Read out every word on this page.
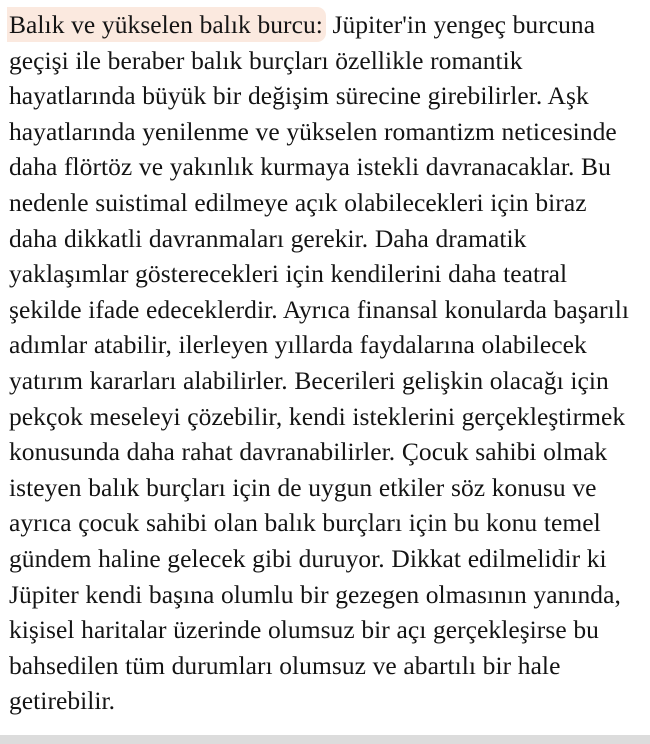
Balık ve yükselen balık burcu: Jüpiter'in yengeç burcuna geçişi ile beraber balık burçları özellikle romantik hayatlarında büyük bir değişim sürecine girebilirler. Aşk hayatlarında yenilenme ve yükselen romantizm neticesinde daha flörtöz ve yakınlık kurmaya istekli davranacaklar. Bu nedenle suistimal edilmeye açık olabilecekleri için biraz daha dikkatli davranmaları gerekir. Daha dramatik yaklaşımlar gösterecekleri için kendilerini daha teatral şekilde ifade edeceklerdir. Ayrıca finansal konularda başarılı adımlar atabilir, ilerleyen yıllarda faydalarına olabilecek yatırım kararları alabilirler. Becerileri gelişkin olacağı için pekçok meseleyi çözebilir, kendi isteklerini gerçekleştirmek konusunda daha rahat davranabilirler. Çocuk sahibi olmak isteyen balık burçları için de uygun etkiler söz konusu ve ayrıca çocuk sahibi olan balık burçları için bu konu temel gündem haline gelecek gibi duruyor. Dikkat edilmelidir ki Jüpiter kendi başına olumlu bir gezegen olmasının yanında, kişisel haritalar üzerinde olumsuz bir açı gerçekleşirse bu bahsedilen tüm durumları olumsuz ve abartılı bir hale getirebilir.
